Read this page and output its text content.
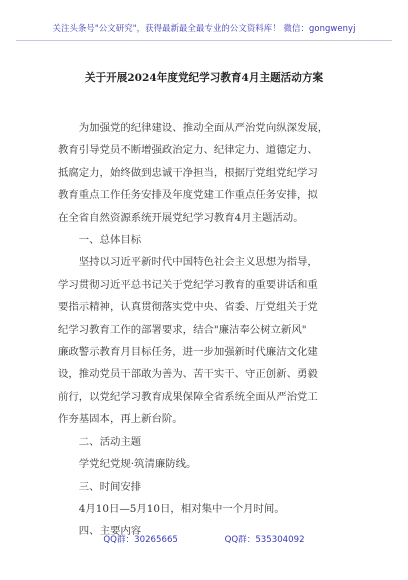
关注头条号"公文研究"，获得最新最全最专业的公文资料库！ 微信：gongwenyj
关于开展2024年度党纪学习教育4月主题活动方案
为加强党的纪律建设、推动全面从严治党向纵深发展，
教育引导党员不断增强政治定力、纪律定力、道德定力、
抵腐定力，始终做到忠诚干净担当，根据厅党组党纪学习
教育重点工作任务安排及年度党建工作重点任务安排，拟
在全省自然资源系统开展党纪学习教育4月主题活动。
一、总体目标
坚持以习近平新时代中国特色社会主义思想为指导，
学习贯彻习近平总书记关于党纪学习教育的重要讲话和重
要指示精神，认真贯彻落实党中央、省委、厅党组关于党
纪学习教育工作的部署要求，结合"廉洁奉公树立新风"
廉政警示教育月目标任务，进一步加强新时代廉洁文化建
设，推动党员干部敢为善为、苦干实干、守正创新、勇毅
前行，以党纪学习教育成果保障全省系统全面从严治党工
作夯基固本，再上新台阶。
二、活动主题
学党纪党规·筑清廉防线。
三、时间安排
4月10日—5月10日，相对集中一个月时间。
四、主要内容
QQ群：30265665	QQ群：535304092
